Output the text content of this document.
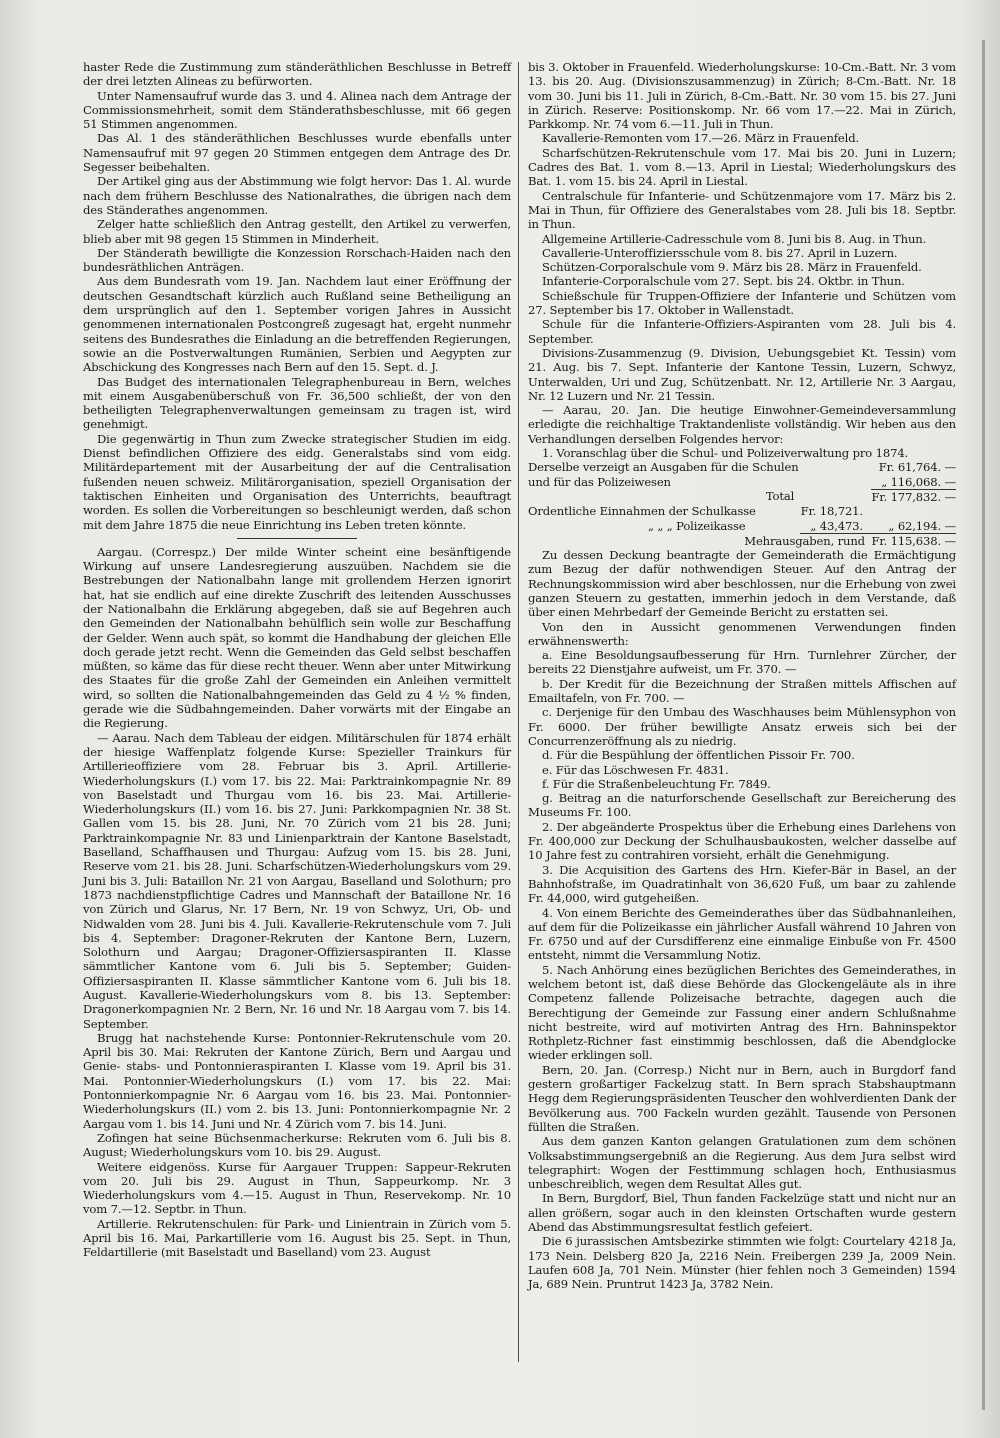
haster Rede die Zustimmung zum ständeräthlichen Beschlusse in Betreff der drei letzten Alineas zu befürworten.

Unter Namensaufruf wurde das 3. und 4. Alinea nach dem Antrage der Commissionsmehrheit, somit dem Ständerathsbeschlusse, mit 66 gegen 51 Stimmen angenommen.

Das Al. 1 des ständeräthlichen Beschlusses wurde ebenfalls unter Namensaufruf mit 97 gegen 20 Stimmen entgegen dem Antrage des Dr. Segesser beibehalten.

Der Artikel ging aus der Abstimmung wie folgt hervor: Das 1. Al. wurde nach dem frühern Beschlusse des Nationalrathes, die übrigen nach dem des Ständerathes angenommen.

Zelger hatte schließlich den Antrag gestellt, den Artikel zu verwerfen, blieb aber mit 98 gegen 15 Stimmen in Minderheit.

Der Ständerath bewilligte die Konzession Rorschach-Haiden nach den bundesräthlichen Anträgen.

Aus dem Bundesrath vom 19. Jan. Nachdem laut einer Eröffnung der deutschen Gesandtschaft kürzlich auch Rußland seine Betheiligung an dem ursprünglich auf den 1. September vorigen Jahres in Aussicht genommenen internationalen Postcongreß zugesagt hat, ergeht nunmehr seitens des Bundesrathes die Einladung an die betreffenden Regierungen, sowie an die Postverwaltungen Rumänien, Serbien und Aegypten zur Abschickung des Kongresses nach Bern auf den 15. Sept. d. J.

Das Budget des internationalen Telegraphenbureau in Bern, welches mit einem Ausgabenüberschuß von Fr. 36,500 schließt, der von den betheiligten Telegraphenverwaltungen gemeinsam zu tragen ist, wird genehmigt.

Die gegenwärtig in Thun zum Zwecke strategischer Studien im eidg. Dienst befindlichen Offiziere des eidg. Generalstabs sind vom eidg. Militärdepartement mit der Ausarbeitung der auf die Centralisation fußenden neuen schweiz. Militärorganisation, speziell Organisation der taktischen Einheiten und Organisation des Unterrichts, beauftragt worden. Es sollen die Vorbereitungen so beschleunigt werden, daß schon mit dem Jahre 1875 die neue Einrichtung ins Leben treten könnte.

Aargau. (Correspz.) Der milde Winter scheint eine besänftigende Wirkung auf unsere Landesregierung auszuüben. Nachdem sie die Bestrebungen der Nationalbahn lange mit grollendem Herzen ignorirt hat, hat sie endlich auf eine direkte Zuschrift des leitenden Ausschusses der Nationalbahn die Erklärung abgegeben, daß sie auf Begehren auch den Gemeinden der Nationalbahn behülflich sein wolle zur Beschaffung der Gelder. Wenn auch spät, so kommt die Handhabung der gleichen Elle doch gerade jetzt recht. Wenn die Gemeinden das Geld selbst beschaffen müßten, so käme das für diese recht theuer. Wenn aber unter Mitwirkung des Staates für die große Zahl der Gemeinden ein Anleihen vermittelt wird, so sollten die Nationalbahngemeinden das Geld zu 4 ½ % finden, gerade wie die Südbahngemeinden. Daher vorwärts mit der Eingabe an die Regierung.

— Aarau. Nach dem Tableau der eidgen. Militärschulen für 1874 erhält der hiesige Waffenplatz folgende Kurse: Spezieller Trainkurs für Artillerieoffiziere vom 28. Februar bis 3. April. Artillerie-Wiederholungskurs (I.) vom 17. bis 22. Mai: Parktrainkompagnie Nr. 89 von Baselstadt und Thurgau vom 16. bis 23. Mai. Artillerie-Wiederholungskurs (II.) vom 16. bis 27. Juni: Parkkompagnien Nr. 38 St. Gallen vom 15. bis 28. Juni, Nr. 70 Zürich vom 21 bis 28. Juni; Parktrainkompagnie Nr. 83 und Linienparktrain der Kantone Baselstadt, Baselland, Schaffhausen und Thurgau: Aufzug vom 15. bis 28. Juni, Reserve vom 21. bis 28. Juni. Scharfschützen-Wiederholungskurs vom 29. Juni bis 3. Juli: Bataillon Nr. 21 von Aargau, Baselland und Solothurn; pro 1873 nachdienstpflichtige Cadres und Mannschaft der Bataillone Nr. 16 von Zürich und Glarus, Nr. 17 Bern, Nr. 19 von Schwyz, Uri, Ob- und Nidwalden vom 28. Juni bis 4. Juli. Kavallerie-Rekrutenschule vom 7. Juli bis 4. September: Dragoner-Rekruten der Kantone Bern, Luzern, Solothurn und Aargau; Dragoner-Offiziersaspiranten II. Klasse sämmtlicher Kantone vom 6. Juli bis 5. September; Guiden-Offiziersaspiranten II. Klasse sämmtlicher Kantone vom 6. Juli bis 18. August. Kavallerie-Wiederholungskurs vom 8. bis 13. September: Dragonerkompagnien Nr. 2 Bern, Nr. 16 und Nr. 18 Aargau vom 7. bis 14. September.

Brugg hat nachstehende Kurse: Pontonnier-Rekrutenschule vom 20. April bis 30. Mai: Rekruten der Kantone Zürich, Bern und Aargau und Genie- stabs- und Pontonnieraspiranten I. Klasse vom 19. April bis 31. Mai. Pontonnier-Wiederholungskurs (I.) vom 17. bis 22. Mai: Pontonnierkompagnie Nr. 6 Aargau vom 16. bis 23. Mai. Pontonnier-Wiederholungskurs (II.) vom 2. bis 13. Juni: Pontonnierkompagnie Nr. 2 Aargau vom 1. bis 14. Juni und Nr. 4 Zürich vom 7. bis 14. Juni.

Zofingen hat seine Büchsenmacherkurse: Rekruten vom 6. Juli bis 8. August; Wiederholungskurs vom 10. bis 29. August.

Weitere eidgenöss. Kurse für Aargauer Truppen: Sappeur-Rekruten vom 20. Juli bis 29. August in Thun, Sappeurkomp. Nr. 3 Wiederholungskurs vom 4.—15. August in Thun, Reservekomp. Nr. 10 vom 7.—12. Septbr. in Thun.

Artillerie. Rekrutenschulen: für Park- und Linientrain in Zürich vom 5. April bis 16. Mai, Parkartillerie vom 16. August bis 25. Sept. in Thun, Feldartillerie (mit Baselstadt und Baselland) vom 23. August

bis 3. Oktober in Frauenfeld. Wiederholungskurse: 10-Cm.-Batt. Nr. 3 vom 13. bis 20. Aug. (Divisionszusammenzug) in Zürich; 8-Cm.-Batt. Nr. 18 vom 30. Juni bis 11. Juli in Zürich, 8-Cm.-Batt. Nr. 30 vom 15. bis 27. Juni in Zürich. Reserve: Positionskomp. Nr. 66 vom 17.—22. Mai in Zürich, Parkkomp. Nr. 74 vom 6.—11. Juli in Thun.

Kavallerie-Remonten vom 17.—26. März in Frauenfeld.

Scharfschützen-Rekrutenschule vom 17. Mai bis 20. Juni in Luzern; Cadres des Bat. 1. vom 8.—13. April in Liestal; Wiederholungskurs des Bat. 1. vom 15. bis 24. April in Liestal.

Centralschule für Infanterie- und Schützenmajore vom 17. März bis 2. Mai in Thun, für Offiziere des Generalstabes vom 28. Juli bis 18. Septbr. in Thun.

Allgemeine Artillerie-Cadresschule vom 8. Juni bis 8. Aug. in Thun.

Cavallerie-Unteroffiziersschule vom 8. bis 27. April in Luzern.

Schützen-Corporalschule vom 9. März bis 28. März in Frauenfeld.

Infanterie-Corporalschule vom 27. Sept. bis 24. Oktbr. in Thun.

Schießschule für Truppen-Offiziere der Infanterie und Schützen vom 27. September bis 17. Oktober in Wallenstadt.

Schule für die Infanterie-Offiziers-Aspiranten vom 28. Juli bis 4. September.

Divisions-Zusammenzug (9. Division, Uebungsgebiet Kt. Tessin) vom 21. Aug. bis 7. Sept. Infanterie der Kantone Tessin, Luzern, Schwyz, Unterwalden, Uri und Zug, Schützenbatt. Nr. 12, Artillerie Nr. 3 Aargau, Nr. 12 Luzern und Nr. 21 Tessin.

— Aarau, 20. Jan. Die heutige Einwohner-Gemeindeversammlung erledigte die reichhaltige Traktandenliste vollständig. Wir heben aus den Verhandlungen derselben Folgendes hervor:

1. Voranschlag über die Schul- und Polizeiverwaltung pro 1874.

Derselbe verzeigt an Ausgaben für die Schulen		Fr. 61,764. —
und für das Polizeiwesen		„ 116,068. —
Total		Fr. 177,832. —
Ordentliche Einnahmen der Schulkasse	Fr. 18,721.	
„ „ „ Polizeikasse	„ 43,473.	„ 62,194. —
Mehrausgaben, rund		Fr. 115,638. —

Zu dessen Deckung beantragte der Gemeinderath die Ermächtigung zum Bezug der dafür nothwendigen Steuer. Auf den Antrag der Rechnungskommission wird aber beschlossen, nur die Erhebung von zwei ganzen Steuern zu gestatten, immerhin jedoch in dem Verstande, daß über einen Mehrbedarf der Gemeinde Bericht zu erstatten sei.

Von den in Aussicht genommenen Verwendungen finden erwähnenswerth:

a. Eine Besoldungsaufbesserung für Hrn. Turnlehrer Zürcher, der bereits 22 Dienstjahre aufweist, um Fr. 370. —

b. Der Kredit für die Bezeichnung der Straßen mittels Affischen auf Emailtafeln, von Fr. 700. —

c. Derjenige für den Umbau des Waschhauses beim Mühlensyphon von Fr. 6000. Der früher bewilligte Ansatz erweis sich bei der Concurrenzeröffnung als zu niedrig.

d. Für die Bespühlung der öffentlichen Pissoir Fr. 700.

e. Für das Löschwesen Fr. 4831.

f. Für die Straßenbeleuchtung Fr. 7849.

g. Beitrag an die naturforschende Gesellschaft zur Bereicherung des Museums Fr. 100.

2. Der abgeänderte Prospektus über die Erhebung eines Darlehens von Fr. 400,000 zur Deckung der Schulhausbaukosten, welcher dasselbe auf 10 Jahre fest zu contrahiren vorsieht, erhält die Genehmigung.

3. Die Acquisition des Gartens des Hrn. Kiefer-Bär in Basel, an der Bahnhofstraße, im Quadratinhalt von 36,620 Fuß, um baar zu zahlende Fr. 44,000, wird gutgeheißen.

4. Von einem Berichte des Gemeinderathes über das Südbahnanleihen, auf dem für die Polizeikasse ein jährlicher Ausfall während 10 Jahren von Fr. 6750 und auf der Cursdifferenz eine einmalige Einbuße von Fr. 4500 entsteht, nimmt die Versammlung Notiz.

5. Nach Anhörung eines bezüglichen Berichtes des Gemeinderathes, in welchem betont ist, daß diese Behörde das Glockengeläute als in ihre Competenz fallende Polizeisache betrachte, dagegen auch die Berechtigung der Gemeinde zur Fassung einer andern Schlußnahme nicht bestreite, wird auf motivirten Antrag des Hrn. Bahninspektor Rothpletz-Richner fast einstimmig beschlossen, daß die Abendglocke wieder erklingen soll.

Bern, 20. Jan. (Corresp.) Nicht nur in Bern, auch in Burgdorf fand gestern großartiger Fackelzug statt. In Bern sprach Stabshauptmann Hegg dem Regierungspräsidenten Teuscher den wohlverdienten Dank der Bevölkerung aus. 700 Fackeln wurden gezählt. Tausende von Personen füllten die Straßen.

Aus dem ganzen Kanton gelangen Gratulationen zum dem schönen Volksabstimmungsergebniß an die Regierung. Aus dem Jura selbst wird telegraphirt: Wogen der Festtimmung schlagen hoch, Enthusiasmus unbeschreiblich, wegen dem Resultat Alles gut.

In Bern, Burgdorf, Biel, Thun fanden Fackelzüge statt und nicht nur an allen größern, sogar auch in den kleinsten Ortschaften wurde gestern Abend das Abstimmungsresultat festlich gefeiert.

Die 6 jurassischen Amtsbezirke stimmten wie folgt: Courtelary 4218 Ja, 173 Nein. Delsberg 820 Ja, 2216 Nein. Freibergen 239 Ja, 2009 Nein. Laufen 608 Ja, 701 Nein. Münster (hier fehlen noch 3 Gemeinden) 1594 Ja, 689 Nein. Pruntrut 1423 Ja, 3782 Nein.
